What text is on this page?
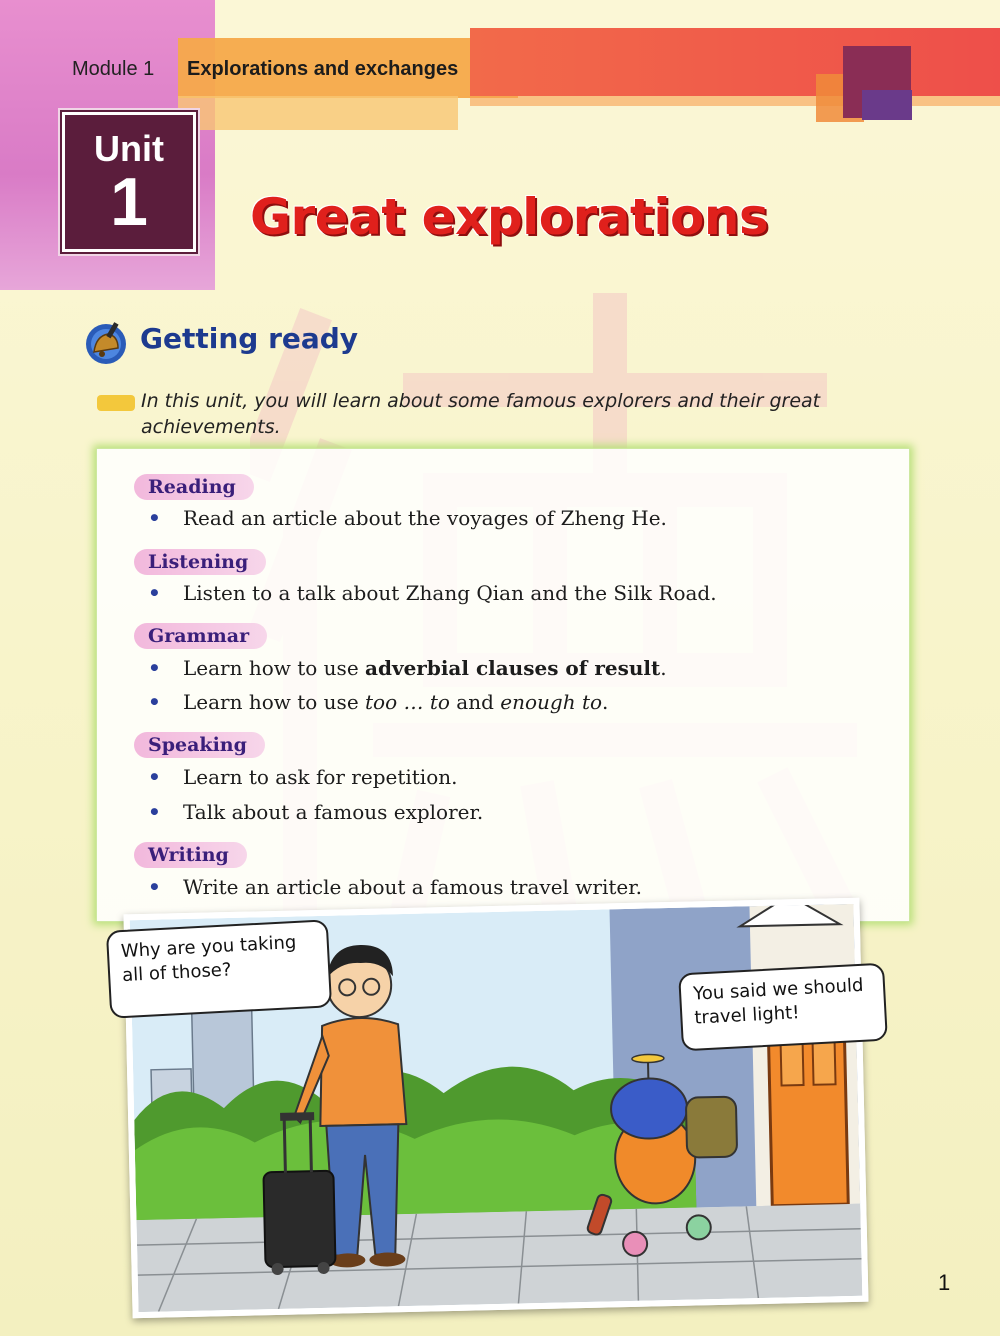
Module 1 Explorations and exchanges
Unit
1	Great explorations
Getting ready
In this unit, you will learn about some famous explorers and their great achievements.
Reading
• Read an article about the voyages of Zheng He.
Listening
• Listen to a talk about Zhang Qian and the Silk Road.
Grammar
• Learn how to use adverbial clauses of result.
• Learn how to use too … to and enough to.
Speaking
• Learn to ask for repetition.
• Talk about a famous explorer.
Writing
• Write an article about a famous travel writer.
Why are you taking
all of those?
You said we should
travel light!
1
